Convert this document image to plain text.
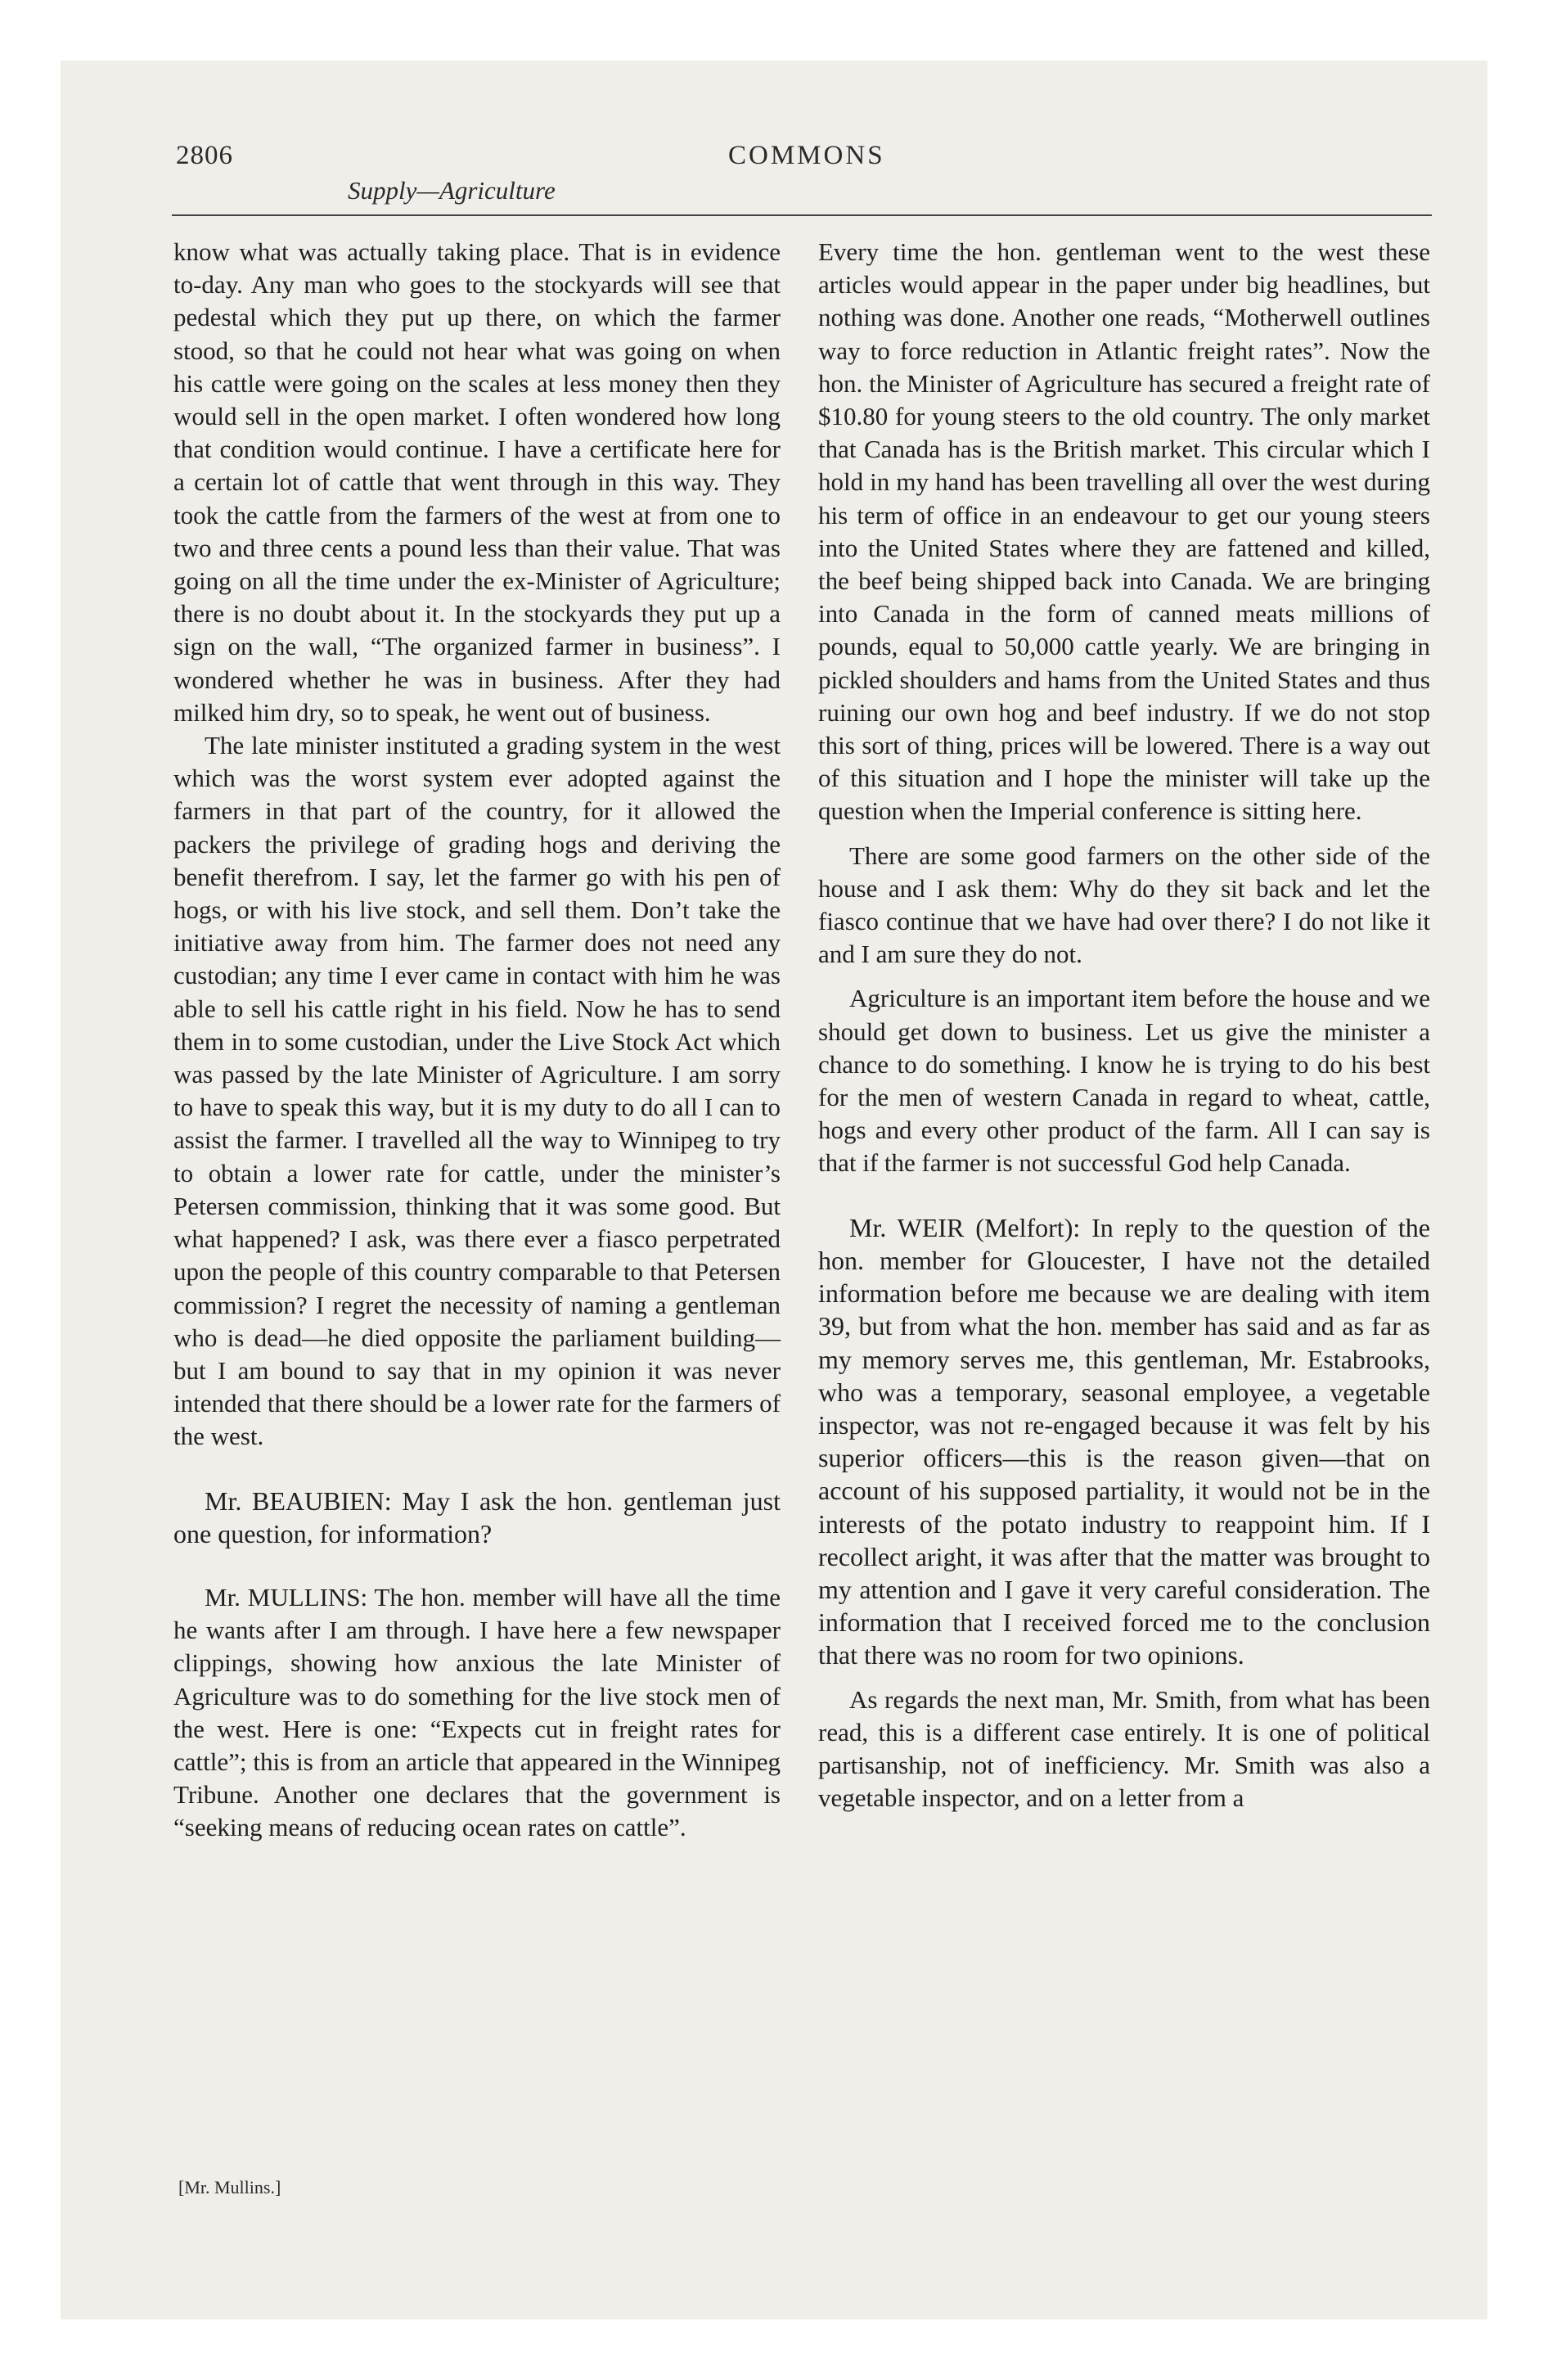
2806	COMMONS
Supply—Agriculture

know what was actually taking place. That is in evidence to-day. Any man who goes to the stockyards will see that pedestal which they put up there, on which the farmer stood, so that he could not hear what was going on when his cattle were going on the scales at less money then they would sell in the open market. I often wondered how long that condition would continue. I have a certificate here for a certain lot of cattle that went through in this way. They took the cattle from the farmers of the west at from one to two and three cents a pound less than their value. That was going on all the time under the ex-Minister of Agriculture; there is no doubt about it. In the stockyards they put up a sign on the wall, “The organized farmer in business”. I wondered whether he was in business. After they had milked him dry, so to speak, he went out of business.

The late minister instituted a grading system in the west which was the worst system ever adopted against the farmers in that part of the country, for it allowed the packers the privilege of grading hogs and deriving the benefit therefrom. I say, let the farmer go with his pen of hogs, or with his live stock, and sell them. Don’t take the initiative away from him. The farmer does not need any custodian; any time I ever came in contact with him he was able to sell his cattle right in his field. Now he has to send them in to some custodian, under the Live Stock Act which was passed by the late Minister of Agriculture. I am sorry to have to speak this way, but it is my duty to do all I can to assist the farmer. I travelled all the way to Winnipeg to try to obtain a lower rate for cattle, under the minister’s Petersen commission, thinking that it was some good. But what happened? I ask, was there ever a fiasco perpetrated upon the people of this country comparable to that Petersen commission? I regret the necessity of naming a gentleman who is dead—he died opposite the parliament building—but I am bound to say that in my opinion it was never intended that there should be a lower rate for the farmers of the west.

Mr. BEAUBIEN: May I ask the hon. gentleman just one question, for information?

Mr. MULLINS: The hon. member will have all the time he wants after I am through. I have here a few newspaper clippings, showing how anxious the late Minister of Agriculture was to do something for the live stock men of the west. Here is one: “Expects cut in freight rates for cattle”; this is from an article that appeared in the Winnipeg Tribune. Another one declares that the government is “seeking means of reducing ocean rates on cattle”.

Every time the hon. gentleman went to the west these articles would appear in the paper under big headlines, but nothing was done. Another one reads, “Motherwell outlines way to force reduction in Atlantic freight rates”. Now the hon. the Minister of Agriculture has secured a freight rate of $10.80 for young steers to the old country. The only market that Canada has is the British market. This circular which I hold in my hand has been travelling all over the west during his term of office in an endeavour to get our young steers into the United States where they are fattened and killed, the beef being shipped back into Canada. We are bringing into Canada in the form of canned meats millions of pounds, equal to 50,000 cattle yearly. We are bringing in pickled shoulders and hams from the United States and thus ruining our own hog and beef industry. If we do not stop this sort of thing, prices will be lowered. There is a way out of this situation and I hope the minister will take up the question when the Imperial conference is sitting here.

There are some good farmers on the other side of the house and I ask them: Why do they sit back and let the fiasco continue that we have had over there? I do not like it and I am sure they do not.

Agriculture is an important item before the house and we should get down to business. Let us give the minister a chance to do something. I know he is trying to do his best for the men of western Canada in regard to wheat, cattle, hogs and every other product of the farm. All I can say is that if the farmer is not successful God help Canada.

Mr. WEIR (Melfort): In reply to the question of the hon. member for Gloucester, I have not the detailed information before me because we are dealing with item 39, but from what the hon. member has said and as far as my memory serves me, this gentleman, Mr. Estabrooks, who was a temporary, seasonal employee, a vegetable inspector, was not re-engaged because it was felt by his superior officers—this is the reason given—that on account of his supposed partiality, it would not be in the interests of the potato industry to reappoint him. If I recollect aright, it was after that the matter was brought to my attention and I gave it very careful consideration. The information that I received forced me to the conclusion that there was no room for two opinions.

As regards the next man, Mr. Smith, from what has been read, this is a different case entirely. It is one of political partisanship, not of inefficiency. Mr. Smith was also a vegetable inspector, and on a letter from a

[Mr. Mullins.]
